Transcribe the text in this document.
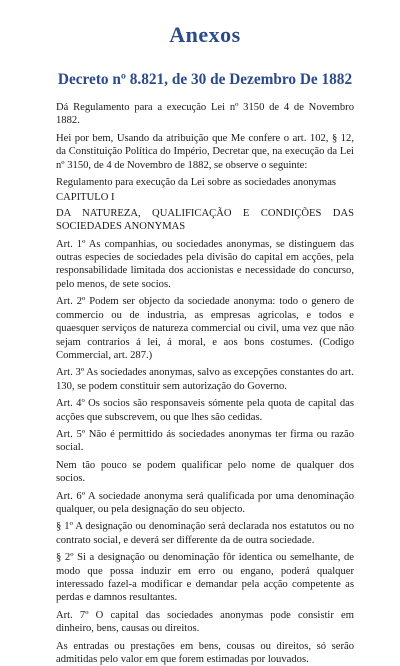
Anexos
Decreto nº 8.821, de 30 de Dezembro De 1882

Dá Regulamento para a execução Lei nº 3150 de 4 de Novembro 1882.

Hei por bem, Usando da atribuição que Me confere o art. 102, § 12, da Constituição Política do Império, Decretar que, na execução da Lei nº 3150, de 4 de Novembro de 1882, se observe o seguinte:

Regulamento para execução da Lei sobre as sociedades anonymas

CAPITULO I

DA NATUREZA, QUALIFICAÇÃO E CONDIÇÕES DAS SOCIEDADES ANONYMAS

Art. 1º As companhias, ou sociedades anonymas, se distinguem das outras especies de sociedades pela divisão do capital em acções, pela responsabilidade limitada dos accionistas e necessidade do concurso, pelo menos, de sete socios.

Art. 2º Podem ser objecto da sociedade anonyma: todo o genero de commercio ou de industria, as empresas agricolas, e todos e quaesquer serviços de natureza commercial ou civil, uma vez que não sejam contrarios á lei, á moral, e aos bons costumes. (Codigo Commercial, art. 287.)

Art. 3º As sociedades anonymas, salvo as excepções constantes do art. 130, se podem constituir sem autorização do Governo.

Art. 4º Os socios são responsaveis sómente pela quota de capital das acções que subscrevem, ou que lhes são cedidas.

Art. 5º Não é permittido ás sociedades anonymas ter firma ou razão social.

Nem tão pouco se podem qualificar pelo nome de qualquer dos socios.

Art. 6º A sociedade anonyma será qualificada por uma denominação qualquer, ou pela designação do seu objecto.

§ 1º A designação ou denominação será declarada nos estatutos ou no contrato social, e deverá ser differente da de outra sociedade.

§ 2º Si a designação ou denominação fôr identica ou semelhante, de modo que possa induzir em erro ou engano, poderá qualquer interessado fazel-a modificar e demandar pela acção competente as perdas e damnos resultantes.

Art. 7º O capital das sociedades anonymas pode consistir em dinheiro, bens, causas ou direitos.

As entradas ou prestações em bens, cousas ou direitos, só serão admitidas pelo valor em que forem estimadas por louvados.
